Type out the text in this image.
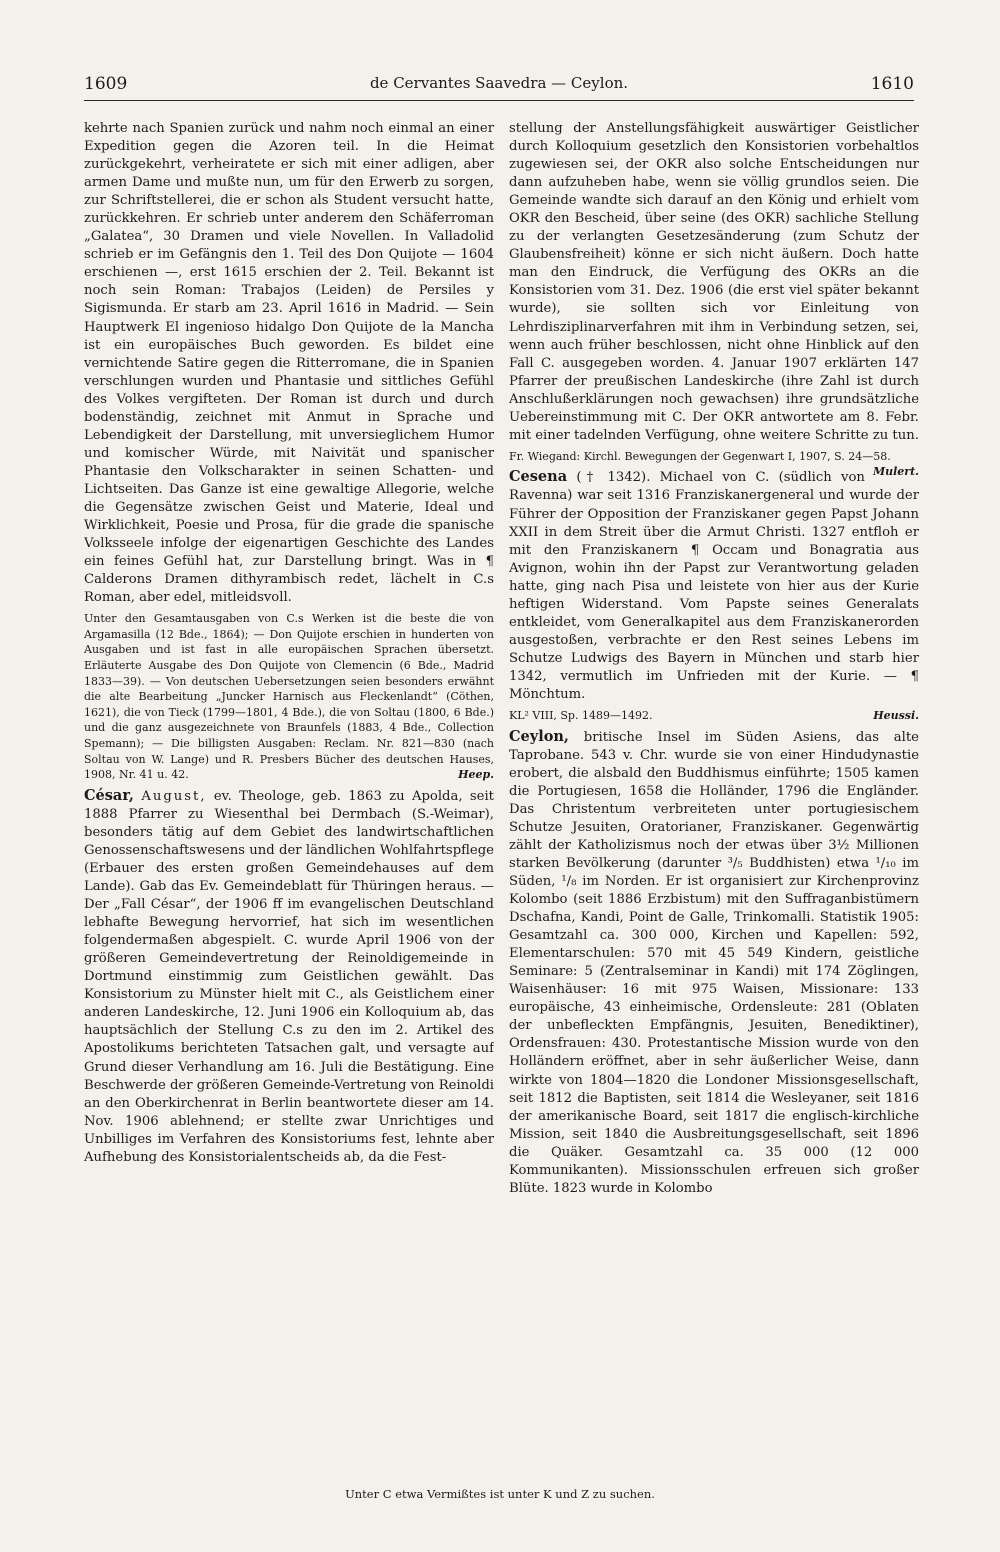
1609	de Cervantes Saavedra — Ceylon.	1610

kehrte nach Spanien zurück und nahm noch einmal an einer Expedition gegen die Azoren teil. In die Heimat zurückgekehrt, verheiratete er sich mit einer adligen, aber armen Dame und mußte nun, um für den Erwerb zu sorgen, zur Schriftstellerei, die er schon als Student versucht hatte, zurückkehren. Er schrieb unter anderem den Schäferroman „Galatea“, 30 Dramen und viele Novellen. In Valladolid schrieb er im Gefängnis den 1. Teil des Don Quijote — 1604 erschienen —, erst 1615 erschien der 2. Teil. Bekannt ist noch sein Roman: Trabajos (Leiden) de Persiles y Sigismunda. Er starb am 23. April 1616 in Madrid. — Sein Hauptwerk El ingenioso hidalgo Don Quijote de la Mancha ist ein europäisches Buch geworden. Es bildet eine vernichtende Satire gegen die Ritterromane, die in Spanien verschlungen wurden und Phantasie und sittliches Gefühl des Volkes vergifteten. Der Roman ist durch und durch bodenständig, zeichnet mit Anmut in Sprache und Lebendigkeit der Darstellung, mit unversieglichem Humor und komischer Würde, mit Naivität und spanischer Phantasie den Volkscharakter in seinen Schatten- und Lichtseiten. Das Ganze ist eine gewaltige Allegorie, welche die Gegensätze zwischen Geist und Materie, Ideal und Wirklichkeit, Poesie und Prosa, für die grade die spanische Volksseele infolge der eigenartigen Geschichte des Landes ein feines Gefühl hat, zur Darstellung bringt. Was in ¶ Calderons Dramen dithyrambisch redet, lächelt in C.s Roman, aber edel, mitleidsvoll.

Unter den Gesamtausgaben von C.s Werken ist die beste die von Argamasilla (12 Bde., 1864); — Don Quijote erschien in hunderten von Ausgaben und ist fast in alle europäischen Sprachen übersetzt. Erläuterte Ausgabe des Don Quijote von Clemencin (6 Bde., Madrid 1833—39). — Von deutschen Uebersetzungen seien besonders erwähnt die alte Bearbeitung „Juncker Harnisch aus Fleckenlandt“ (Cöthen, 1621), die von Tieck (1799—1801, 4 Bde.), die von Soltau (1800, 6 Bde.) und die ganz ausgezeichnete von Braunfels (1883, 4 Bde., Collection Spemann); — Die billigsten Ausgaben: Reclam. Nr. 821—830 (nach Soltau von W. Lange) und R. Presbers Bücher des deutschen Hauses, 1908, Nr. 41 u. 42.	Heep.

César, August, ev. Theologe, geb. 1863 zu Apolda, seit 1888 Pfarrer zu Wiesenthal bei Dermbach (S.-Weimar), besonders tätig auf dem Gebiet des landwirtschaftlichen Genossenschaftswesens und der ländlichen Wohlfahrtspflege (Erbauer des ersten großen Gemeindehauses auf dem Lande). Gab das Ev. Gemeindeblatt für Thüringen heraus. — Der „Fall César“, der 1906 ff im evangelischen Deutschland lebhafte Bewegung hervorrief, hat sich im wesentlichen folgendermaßen abgespielt. C. wurde April 1906 von der größeren Gemeindevertretung der Reinoldigemeinde in Dortmund einstimmig zum Geistlichen gewählt. Das Konsistorium zu Münster hielt mit C., als Geistlichem einer anderen Landeskirche, 12. Juni 1906 ein Kolloquium ab, das hauptsächlich der Stellung C.s zu den im 2. Artikel des Apostolikums berichteten Tatsachen galt, und versagte auf Grund dieser Verhandlung am 16. Juli die Bestätigung. Eine Beschwerde der größeren Gemeinde-Vertretung von Reinoldi an den Oberkirchenrat in Berlin beantwortete dieser am 14. Nov. 1906 ablehnend; er stellte zwar Unrichtiges und Unbilliges im Verfahren des Konsistoriums fest, lehnte aber Aufhebung des Konsistorialentscheids ab, da die Fest-

stellung der Anstellungsfähigkeit auswärtiger Geistlicher durch Kolloquium gesetzlich den Konsistorien vorbehaltlos zugewiesen sei, der OKR also solche Entscheidungen nur dann aufzuheben habe, wenn sie völlig grundlos seien. Die Gemeinde wandte sich darauf an den König und erhielt vom OKR den Bescheid, über seine (des OKR) sachliche Stellung zu der verlangten Gesetzesänderung (zum Schutz der Glaubensfreiheit) könne er sich nicht äußern. Doch hatte man den Eindruck, die Verfügung des OKRs an die Konsistorien vom 31. Dez. 1906 (die erst viel später bekannt wurde), sie sollten sich vor Einleitung von Lehrdisziplinarverfahren mit ihm in Verbindung setzen, sei, wenn auch früher beschlossen, nicht ohne Hinblick auf den Fall C. ausgegeben worden. 4. Januar 1907 erklärten 147 Pfarrer der preußischen Landeskirche (ihre Zahl ist durch Anschlußerklärungen noch gewachsen) ihre grundsätzliche Uebereinstimmung mit C. Der OKR antwortete am 8. Febr. mit einer tadelnden Verfügung, ohne weitere Schritte zu tun.

Fr. Wiegand: Kirchl. Bewegungen der Gegenwart I, 1907, S. 24—58.
Mulert.

Cesena († 1342). Michael von C. (südlich von Ravenna) war seit 1316 Franziskanergeneral und wurde der Führer der Opposition der Franziskaner gegen Papst Johann XXII in dem Streit über die Armut Christi. 1327 entfloh er mit den Franziskanern ¶ Occam und Bonagratia aus Avignon, wohin ihn der Papst zur Verantwortung geladen hatte, ging nach Pisa und leistete von hier aus der Kurie heftigen Widerstand. Vom Papste seines Generalats entkleidet, vom Generalkapitel aus dem Franziskanerorden ausgestoßen, verbrachte er den Rest seines Lebens im Schutze Ludwigs des Bayern in München und starb hier 1342, vermutlich im Unfrieden mit der Kurie. — ¶ Mönchtum.

KL² VIII, Sp. 1489—1492.	Heussi.

Ceylon, britische Insel im Süden Asiens, das alte Taprobane. 543 v. Chr. wurde sie von einer Hindudynastie erobert, die alsbald den Buddhismus einführte; 1505 kamen die Portugiesen, 1658 die Holländer, 1796 die Engländer. Das Christentum verbreiteten unter portugiesischem Schutze Jesuiten, Oratorianer, Franziskaner. Gegenwärtig zählt der Katholizismus noch der etwas über 3½ Millionen starken Bevölkerung (darunter ³/₅ Buddhisten) etwa ¹/₁₀ im Süden, ¹/₈ im Norden. Er ist organisiert zur Kirchenprovinz Kolombo (seit 1886 Erzbistum) mit den Suffraganbistümern Dschafna, Kandi, Point de Galle, Trinkomalli. Statistik 1905: Gesamtzahl ca. 300 000, Kirchen und Kapellen: 592, Elementarschulen: 570 mit 45 549 Kindern, geistliche Seminare: 5 (Zentralseminar in Kandi) mit 174 Zöglingen, Waisenhäuser: 16 mit 975 Waisen, Missionare: 133 europäische, 43 einheimische, Ordensleute: 281 (Oblaten der unbefleckten Empfängnis, Jesuiten, Benediktiner), Ordensfrauen: 430. Protestantische Mission wurde von den Holländern eröffnet, aber in sehr äußerlicher Weise, dann wirkte von 1804—1820 die Londoner Missionsgesellschaft, seit 1812 die Baptisten, seit 1814 die Wesleyaner, seit 1816 der amerikanische Board, seit 1817 die englisch-kirchliche Mission, seit 1840 die Ausbreitungsgesellschaft, seit 1896 die Quäker. Gesamtzahl ca. 35 000 (12 000 Kommunikanten). Missionsschulen erfreuen sich großer Blüte. 1823 wurde in Kolombo

Unter C etwa Vermißtes ist unter K und Z zu suchen.
